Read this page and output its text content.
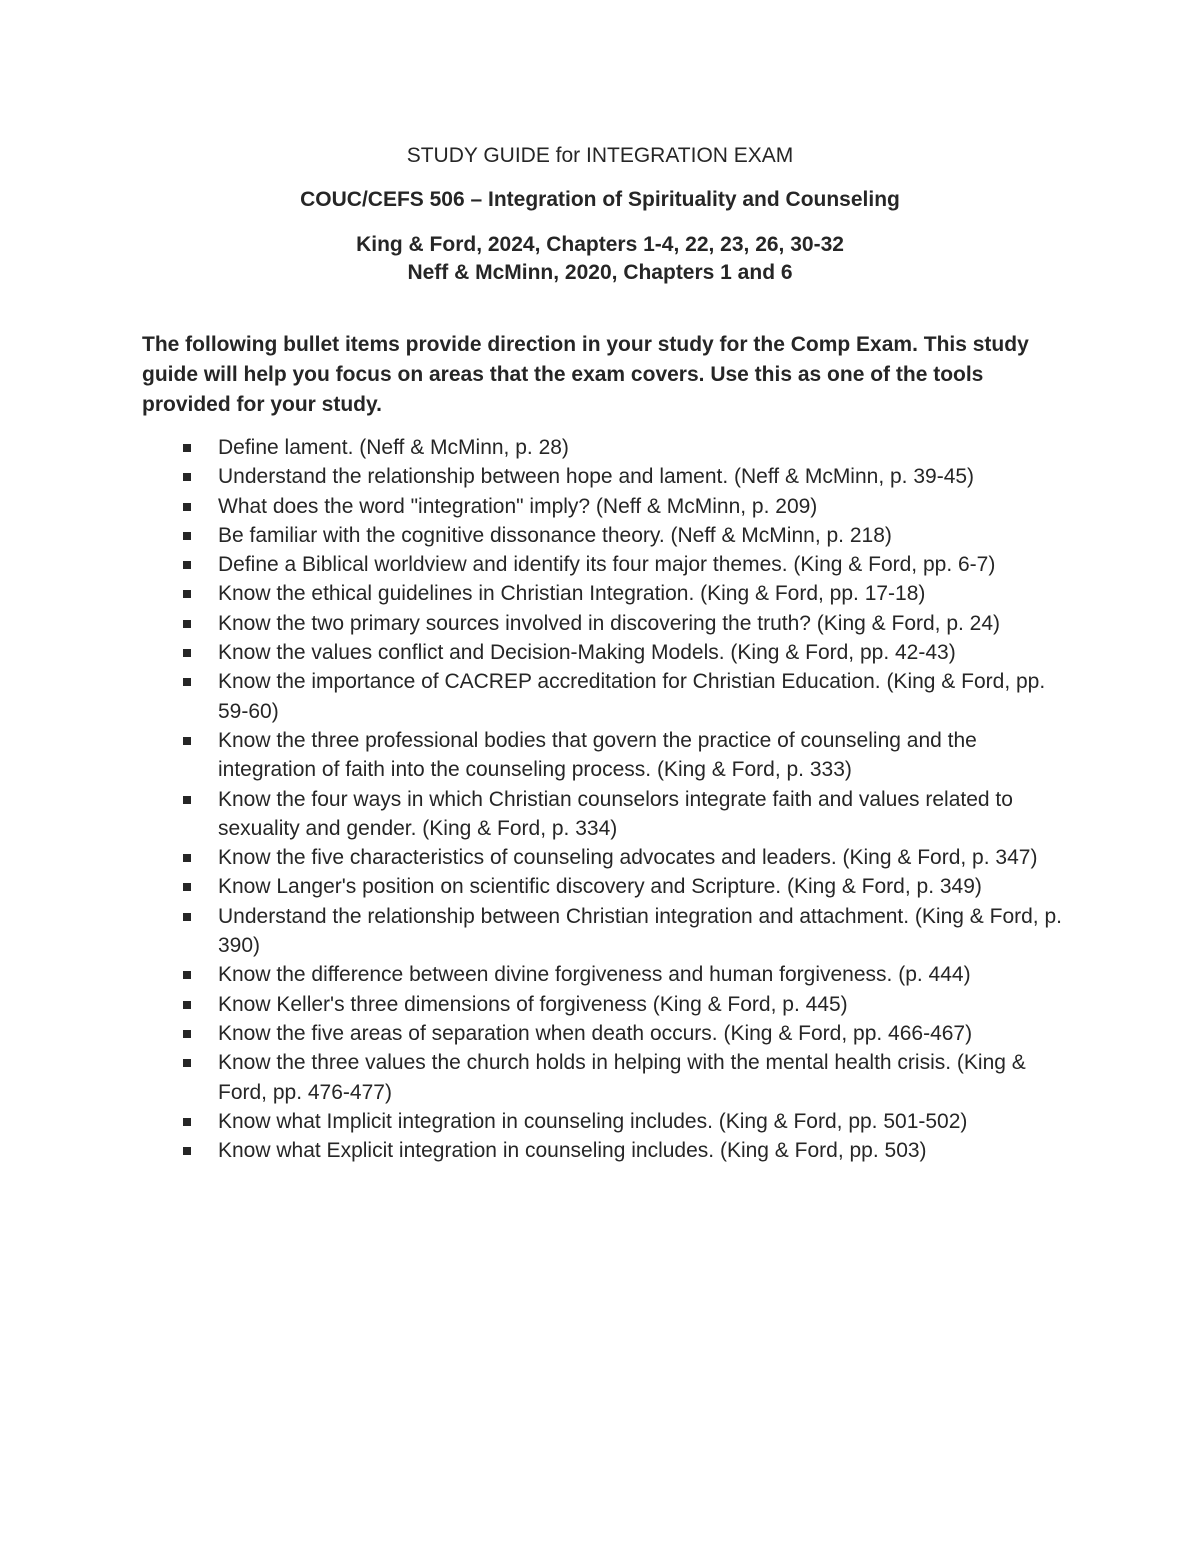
STUDY GUIDE for INTEGRATION EXAM

COUC/CEFS 506 – Integration of Spirituality and Counseling

King & Ford, 2024, Chapters 1-4, 22, 23, 26, 30-32

Neff & McMinn, 2020, Chapters 1 and 6

The following bullet items provide direction in your study for the Comp Exam. This study guide will help you focus on areas that the exam covers. Use this as one of the tools provided for your study.

Define lament. (Neff & McMinn, p. 28)
Understand the relationship between hope and lament. (Neff & McMinn, p. 39-45)
What does the word "integration" imply? (Neff & McMinn, p. 209)
Be familiar with the cognitive dissonance theory. (Neff & McMinn, p. 218)
Define a Biblical worldview and identify its four major themes. (King & Ford, pp. 6-7)
Know the ethical guidelines in Christian Integration. (King & Ford, pp. 17-18)
Know the two primary sources involved in discovering the truth? (King & Ford, p. 24)
Know the values conflict and Decision-Making Models. (King & Ford, pp. 42-43)
Know the importance of CACREP accreditation for Christian Education. (King & Ford, pp. 59-60)
Know the three professional bodies that govern the practice of counseling and the integration of faith into the counseling process. (King & Ford, p. 333)
Know the four ways in which Christian counselors integrate faith and values related to sexuality and gender. (King & Ford, p. 334)
Know the five characteristics of counseling advocates and leaders. (King & Ford, p. 347)
Know Langer's position on scientific discovery and Scripture. (King & Ford, p. 349)
Understand the relationship between Christian integration and attachment. (King & Ford, p. 390)
Know the difference between divine forgiveness and human forgiveness. (p. 444)
Know Keller's three dimensions of forgiveness (King & Ford, p. 445)
Know the five areas of separation when death occurs. (King & Ford, pp. 466-467)
Know the three values the church holds in helping with the mental health crisis. (King & Ford, pp. 476-477)
Know what Implicit integration in counseling includes. (King & Ford, pp. 501-502)
Know what Explicit integration in counseling includes. (King & Ford, pp. 503)
